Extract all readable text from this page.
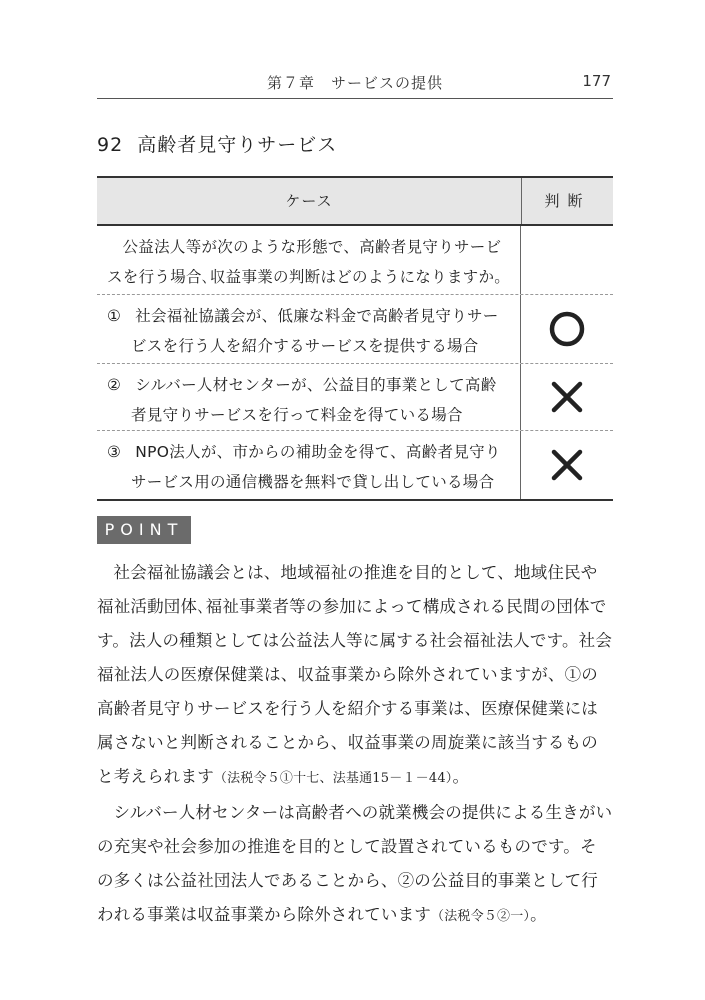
第７章　サービスの提供	177
92 高齢者見守りサービス
ケース	判断
公益法人等が次のような形態で、高齢者見守りサービスを行う場合､収益事業の判断はどのようになりますか｡
① 社会福祉協議会が、低廉な料金で高齢者見守りサービスを行う人を紹介するサービスを提供する場合
② シルバー人材センターが、公益目的事業として高齢者見守りサービスを行って料金を得ている場合
③ NPO法人が、市からの補助金を得て、高齢者見守りサービス用の通信機器を無料で貸し出している場合
POINT

社会福祉協議会とは、地域福祉の推進を目的として、地域住民や福祉活動団体､福祉事業者等の参加によって構成される民間の団体です。法人の種類としては公益法人等に属する社会福祉法人です。社会福祉法人の医療保健業は、収益事業から除外されていますが、①の高齢者見守りサービスを行う人を紹介する事業は、医療保健業には属さないと判断されることから、収益事業の周旋業に該当するものと考えられます（法税令５①十七、法基通15－１－44）。

シルバー人材センターは高齢者への就業機会の提供による生きがいの充実や社会参加の推進を目的として設置されているものです。その多くは公益社団法人であることから、②の公益目的事業として行われる事業は収益事業から除外されています（法税令５②一）。
